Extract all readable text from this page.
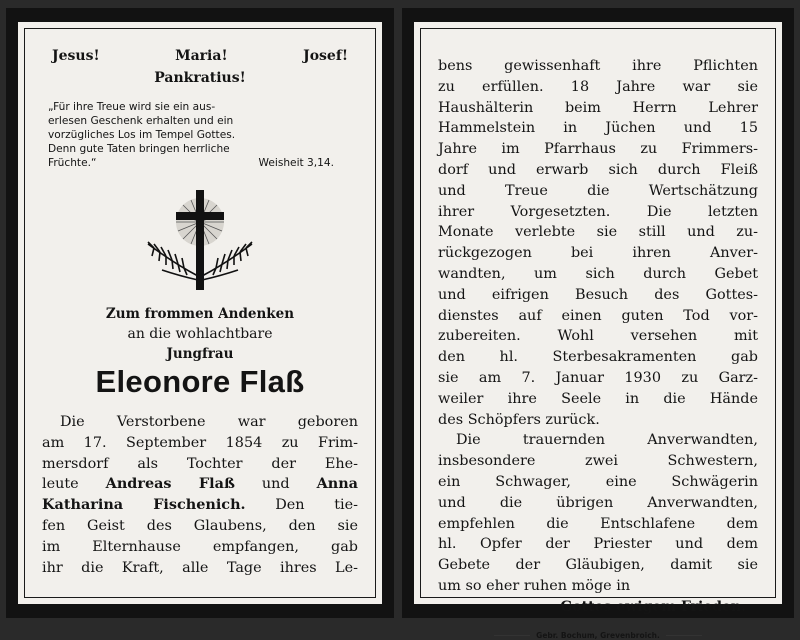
Jesus!	Maria!	Josef!
Pankratius!
„Für ihre Treue wird sie ein aus-
erlesen Geschenk erhalten und ein
vorzügliches Los im Tempel Gottes.
Denn gute Taten bringen herrliche
Früchte.“	Weisheit 3,14.
Zum frommen Andenken
an die wohlachtbare
Jungfrau
Eleonore Flaß
Die Verstorbene war geboren
am 17. September 1854 zu Frim-
mersdorf als Tochter der Ehe-
leute Andreas Flaß und Anna
Katharina Fischenich. Den tie-
fen Geist des Glaubens, den sie
im Elternhause empfangen, gab
ihr die Kraft, alle Tage ihres Le-
bens gewissenhaft ihre Pflichten
zu erfüllen. 18 Jahre war sie
Haushälterin beim Herrn Lehrer
Hammelstein in Jüchen und 15
Jahre im Pfarrhaus zu Frimmers-
dorf und erwarb sich durch Fleiß
und Treue die Wertschätzung
ihrer Vorgesetzten. Die letzten
Monate verlebte sie still und zu-
rückgezogen bei ihren Anver-
wandten, um sich durch Gebet
und eifrigen Besuch des Gottes-
dienstes auf einen guten Tod vor-
zubereiten. Wohl versehen mit
den hl. Sterbesakramenten gab
sie am 7. Januar 1930 zu Garz-
weiler ihre Seele in die Hände
des Schöpfers zurück.
Die trauernden Anverwandten,
insbesondere zwei Schwestern,
ein Schwager, eine Schwägerin
und die übrigen Anverwandten,
empfehlen die Entschlafene dem
hl. Opfer der Priester und dem
Gebete der Gläubigen, damit sie
um so eher ruhen möge in
Gottes ewigem Frieden.
Gebr. Bochum, Grevenbroich.
